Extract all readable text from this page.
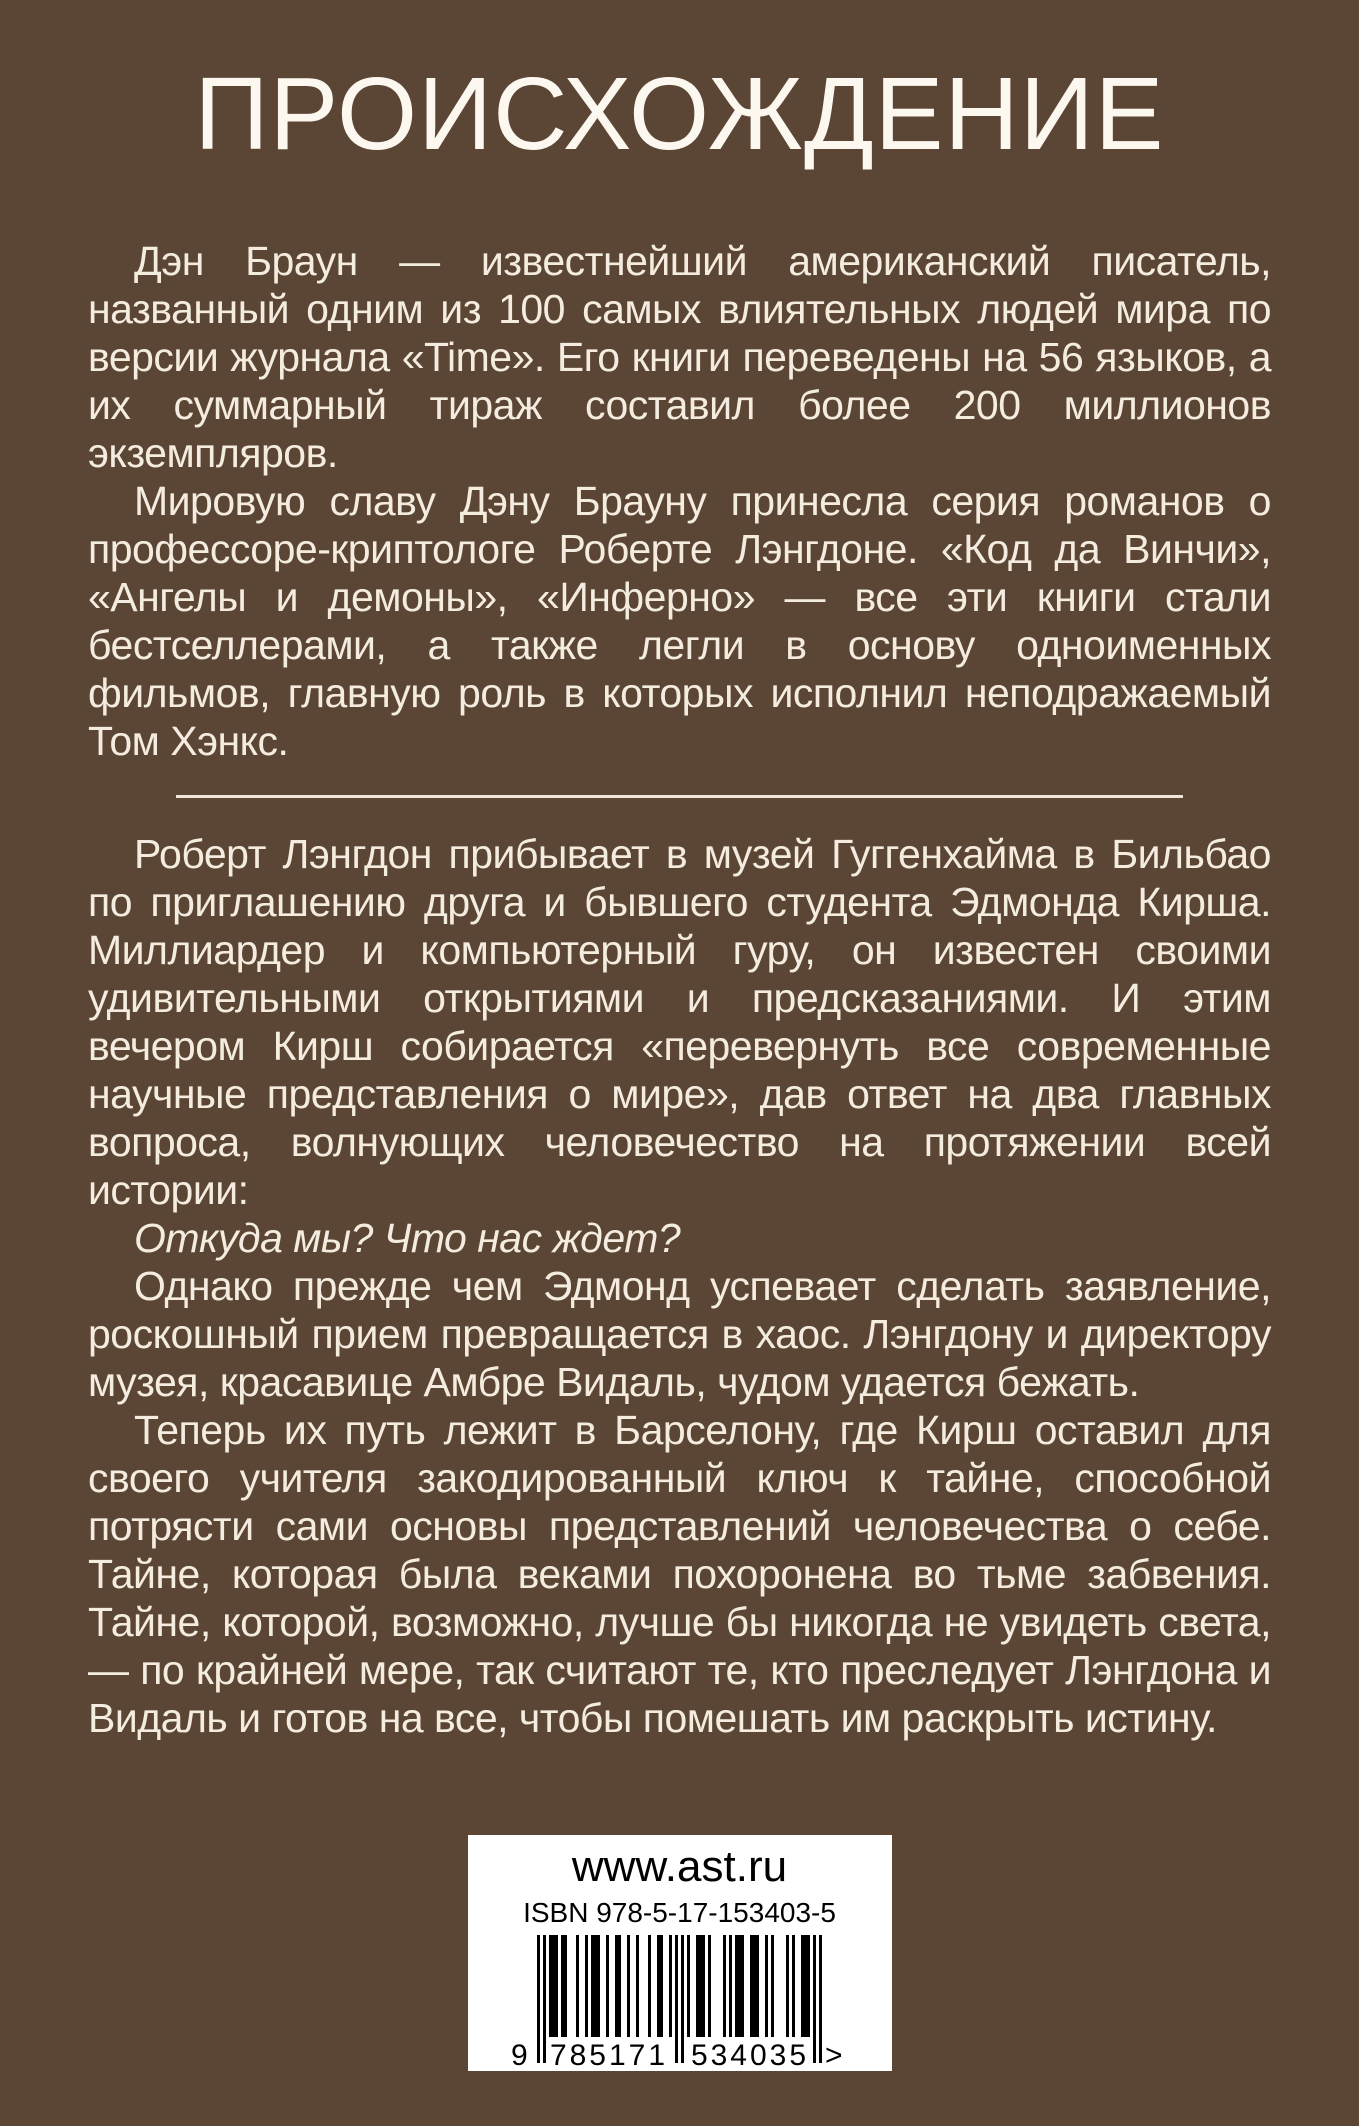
ПРОИСХОЖДЕНИЕ

Дэн Браун — известнейший американский писатель, названный одним из 100 самых влиятельных людей мира по версии журнала «Time». Его книги переведены на 56 языков, а их суммарный тираж составил более 200 миллионов экземпляров.

Мировую славу Дэну Брауну принесла серия романов о профессоре-криптологе Роберте Лэнгдоне. «Код да Винчи», «Ангелы и демоны», «Инферно» — все эти книги стали бестселлерами, а также легли в основу одноименных фильмов, главную роль в которых исполнил неподражаемый Том Хэнкс.

Роберт Лэнгдон прибывает в музей Гуггенхайма в Бильбао по приглашению друга и бывшего студента Эдмонда Кирша. Миллиардер и компьютерный гуру, он известен своими удивительными открытиями и предсказаниями. И этим вечером Кирш собирается «перевернуть все современные научные представления о мире», дав ответ на два главных вопроса, волнующих человечество на протяжении всей истории:

Откуда мы? Что нас ждет?

Однако прежде чем Эдмонд успевает сделать заявление, роскошный прием превращается в хаос. Лэнгдону и директору музея, красавице Амбре Видаль, чудом удается бежать.

Теперь их путь лежит в Барселону, где Кирш оставил для своего учителя закодированный ключ к тайне, способной потрясти сами основы представлений человечества о себе. Тайне, которая была веками похоронена во тьме забвения. Тайне, которой, возможно, лучше бы никогда не увидеть света, — по крайней мере, так считают те, кто преследует Лэнгдона и Видаль и готов на все, чтобы помешать им раскрыть истину.

www.ast.ru
ISBN 978-5-17-153403-5
9 785171 534035 >
